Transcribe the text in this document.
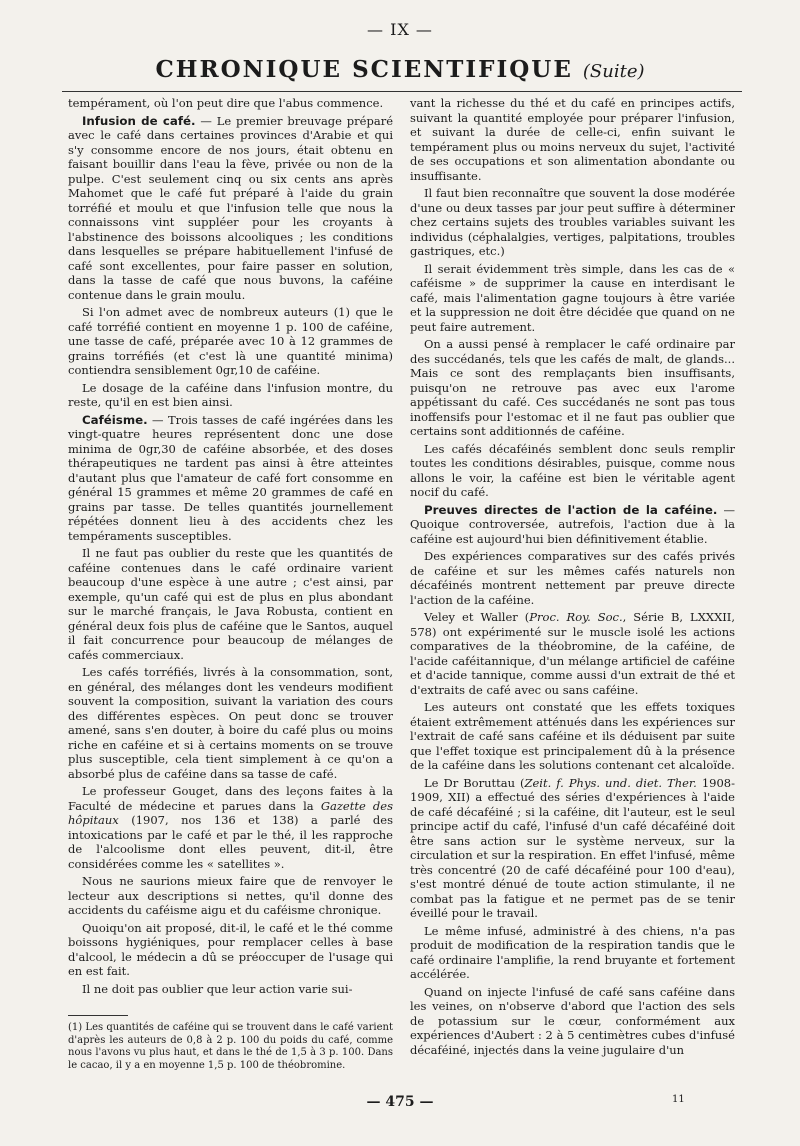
— IX —
CHRONIQUE SCIENTIFIQUE (Suite)

tempérament, où l'on peut dire que l'abus commence.

Infusion de café. — Le premier breuvage préparé avec le café dans certaines provinces d'Arabie et qui s'y consomme encore de nos jours, était obtenu en faisant bouillir dans l'eau la fève, privée ou non de la pulpe. C'est seulement cinq ou six cents ans après Mahomet que le café fut préparé à l'aide du grain torréfié et moulu et que l'infusion telle que nous la connaissons vint suppléer pour les croyants à l'abstinence des boissons alcooliques ; les conditions dans lesquelles se prépare habituellement l'infusé de café sont excellentes, pour faire passer en solution, dans la tasse de café que nous buvons, la caféine contenue dans le grain moulu.

Si l'on admet avec de nombreux auteurs (1) que le café torréfié contient en moyenne 1 p. 100 de caféine, une tasse de café, préparée avec 10 à 12 grammes de grains torréfiés (et c'est là une quantité minima) contiendra sensiblement 0gr,10 de caféine.

Le dosage de la caféine dans l'infusion montre, du reste, qu'il en est bien ainsi.

Caféisme. — Trois tasses de café ingérées dans les vingt-quatre heures représentent donc une dose minima de 0gr,30 de caféine absorbée, et des doses thérapeutiques ne tardent pas ainsi à être atteintes d'autant plus que l'amateur de café fort consomme en général 15 grammes et même 20 grammes de café en grains par tasse. De telles quantités journellement répétées donnent lieu à des accidents chez les tempéraments susceptibles.

Il ne faut pas oublier du reste que les quantités de caféine contenues dans le café ordinaire varient beaucoup d'une espèce à une autre ; c'est ainsi, par exemple, qu'un café qui est de plus en plus abondant sur le marché français, le Java Robusta, contient en général deux fois plus de caféine que le Santos, auquel il fait concurrence pour beaucoup de mélanges de cafés commerciaux.

Les cafés torréfiés, livrés à la consommation, sont, en général, des mélanges dont les vendeurs modifient souvent la composition, suivant la variation des cours des différentes espèces. On peut donc se trouver amené, sans s'en douter, à boire du café plus ou moins riche en caféine et si à certains moments on se trouve plus susceptible, cela tient simplement à ce qu'on a absorbé plus de caféine dans sa tasse de café.

Le professeur Gouget, dans des leçons faites à la Faculté de médecine et parues dans la Gazette des hôpitaux (1907, nos 136 et 138) a parlé des intoxications par le café et par le thé, il les rapproche de l'alcoolisme dont elles peuvent, dit-il, être considérées comme les « satellites ».

Nous ne saurions mieux faire que de renvoyer le lecteur aux descriptions si nettes, qu'il donne des accidents du caféisme aigu et du caféisme chronique.

Quoiqu'on ait proposé, dit-il, le café et le thé comme boissons hygiéniques, pour remplacer celles à base d'alcool, le médecin a dû se préoccuper de l'usage qui en est fait.

Il ne doit pas oublier que leur action varie sui-

(1) Les quantités de caféine qui se trouvent dans le café varient d'après les auteurs de 0,8 à 2 p. 100 du poids du café, comme nous l'avons vu plus haut, et dans le thé de 1,5 à 3 p. 100. Dans le cacao, il y a en moyenne 1,5 p. 100 de théobromine.

vant la richesse du thé et du café en principes actifs, suivant la quantité employée pour préparer l'infusion, et suivant la durée de celle-ci, enfin suivant le tempérament plus ou moins nerveux du sujet, l'activité de ses occupations et son alimentation abondante ou insuffisante.

Il faut bien reconnaître que souvent la dose modérée d'une ou deux tasses par jour peut suffire à déterminer chez certains sujets des troubles variables suivant les individus (céphalalgies, vertiges, palpitations, troubles gastriques, etc.)

Il serait évidemment très simple, dans les cas de « caféisme » de supprimer la cause en interdisant le café, mais l'alimentation gagne toujours à être variée et la suppression ne doit être décidée que quand on ne peut faire autrement.

On a aussi pensé à remplacer le café ordinaire par des succédanés, tels que les cafés de malt, de glands... Mais ce sont des remplaçants bien insuffisants, puisqu'on ne retrouve pas avec eux l'arome appétissant du café. Ces succédanés ne sont pas tous inoffensifs pour l'estomac et il ne faut pas oublier que certains sont additionnés de caféine.

Les cafés décaféinés semblent donc seuls remplir toutes les conditions désirables, puisque, comme nous allons le voir, la caféine est bien le véritable agent nocif du café.

Preuves directes de l'action de la caféine. — Quoique controversée, autrefois, l'action due à la caféine est aujourd'hui bien définitivement établie.

Des expériences comparatives sur des cafés privés de caféine et sur les mêmes cafés naturels non décaféinés montrent nettement par preuve directe l'action de la caféine.

Veley et Waller (Proc. Roy. Soc., Série B, LXXXII, 578) ont expérimenté sur le muscle isolé les actions comparatives de la théobromine, de la caféine, de l'acide caféitannique, d'un mélange artificiel de caféine et d'acide tannique, comme aussi d'un extrait de thé et d'extraits de café avec ou sans caféine.

Les auteurs ont constaté que les effets toxiques étaient extrêmement atténués dans les expériences sur l'extrait de café sans caféine et ils déduisent par suite que l'effet toxique est principalement dû à la présence de la caféine dans les solutions contenant cet alcaloïde.

Le Dr Boruttau (Zeit. f. Phys. und. diet. Ther. 1908-1909, XII) a effectué des séries d'expériences à l'aide de café décaféiné ; si la caféine, dit l'auteur, est le seul principe actif du café, l'infusé d'un café décaféiné doit être sans action sur le système nerveux, sur la circulation et sur la respiration. En effet l'infusé, même très concentré (20 de café décaféiné pour 100 d'eau), s'est montré dénué de toute action stimulante, il ne combat pas la fatigue et ne permet pas de se tenir éveillé pour le travail.

Le même infusé, administré à des chiens, n'a pas produit de modification de la respiration tandis que le café ordinaire l'amplifie, la rend bruyante et fortement accélérée.

Quand on injecte l'infusé de café sans caféine dans les veines, on n'observe d'abord que l'action des sels de potassium sur le cœur, conformément aux expériences d'Aubert : 2 à 5 centimètres cubes d'infusé décaféiné, injectés dans la veine jugulaire d'un

— 475 —	11
